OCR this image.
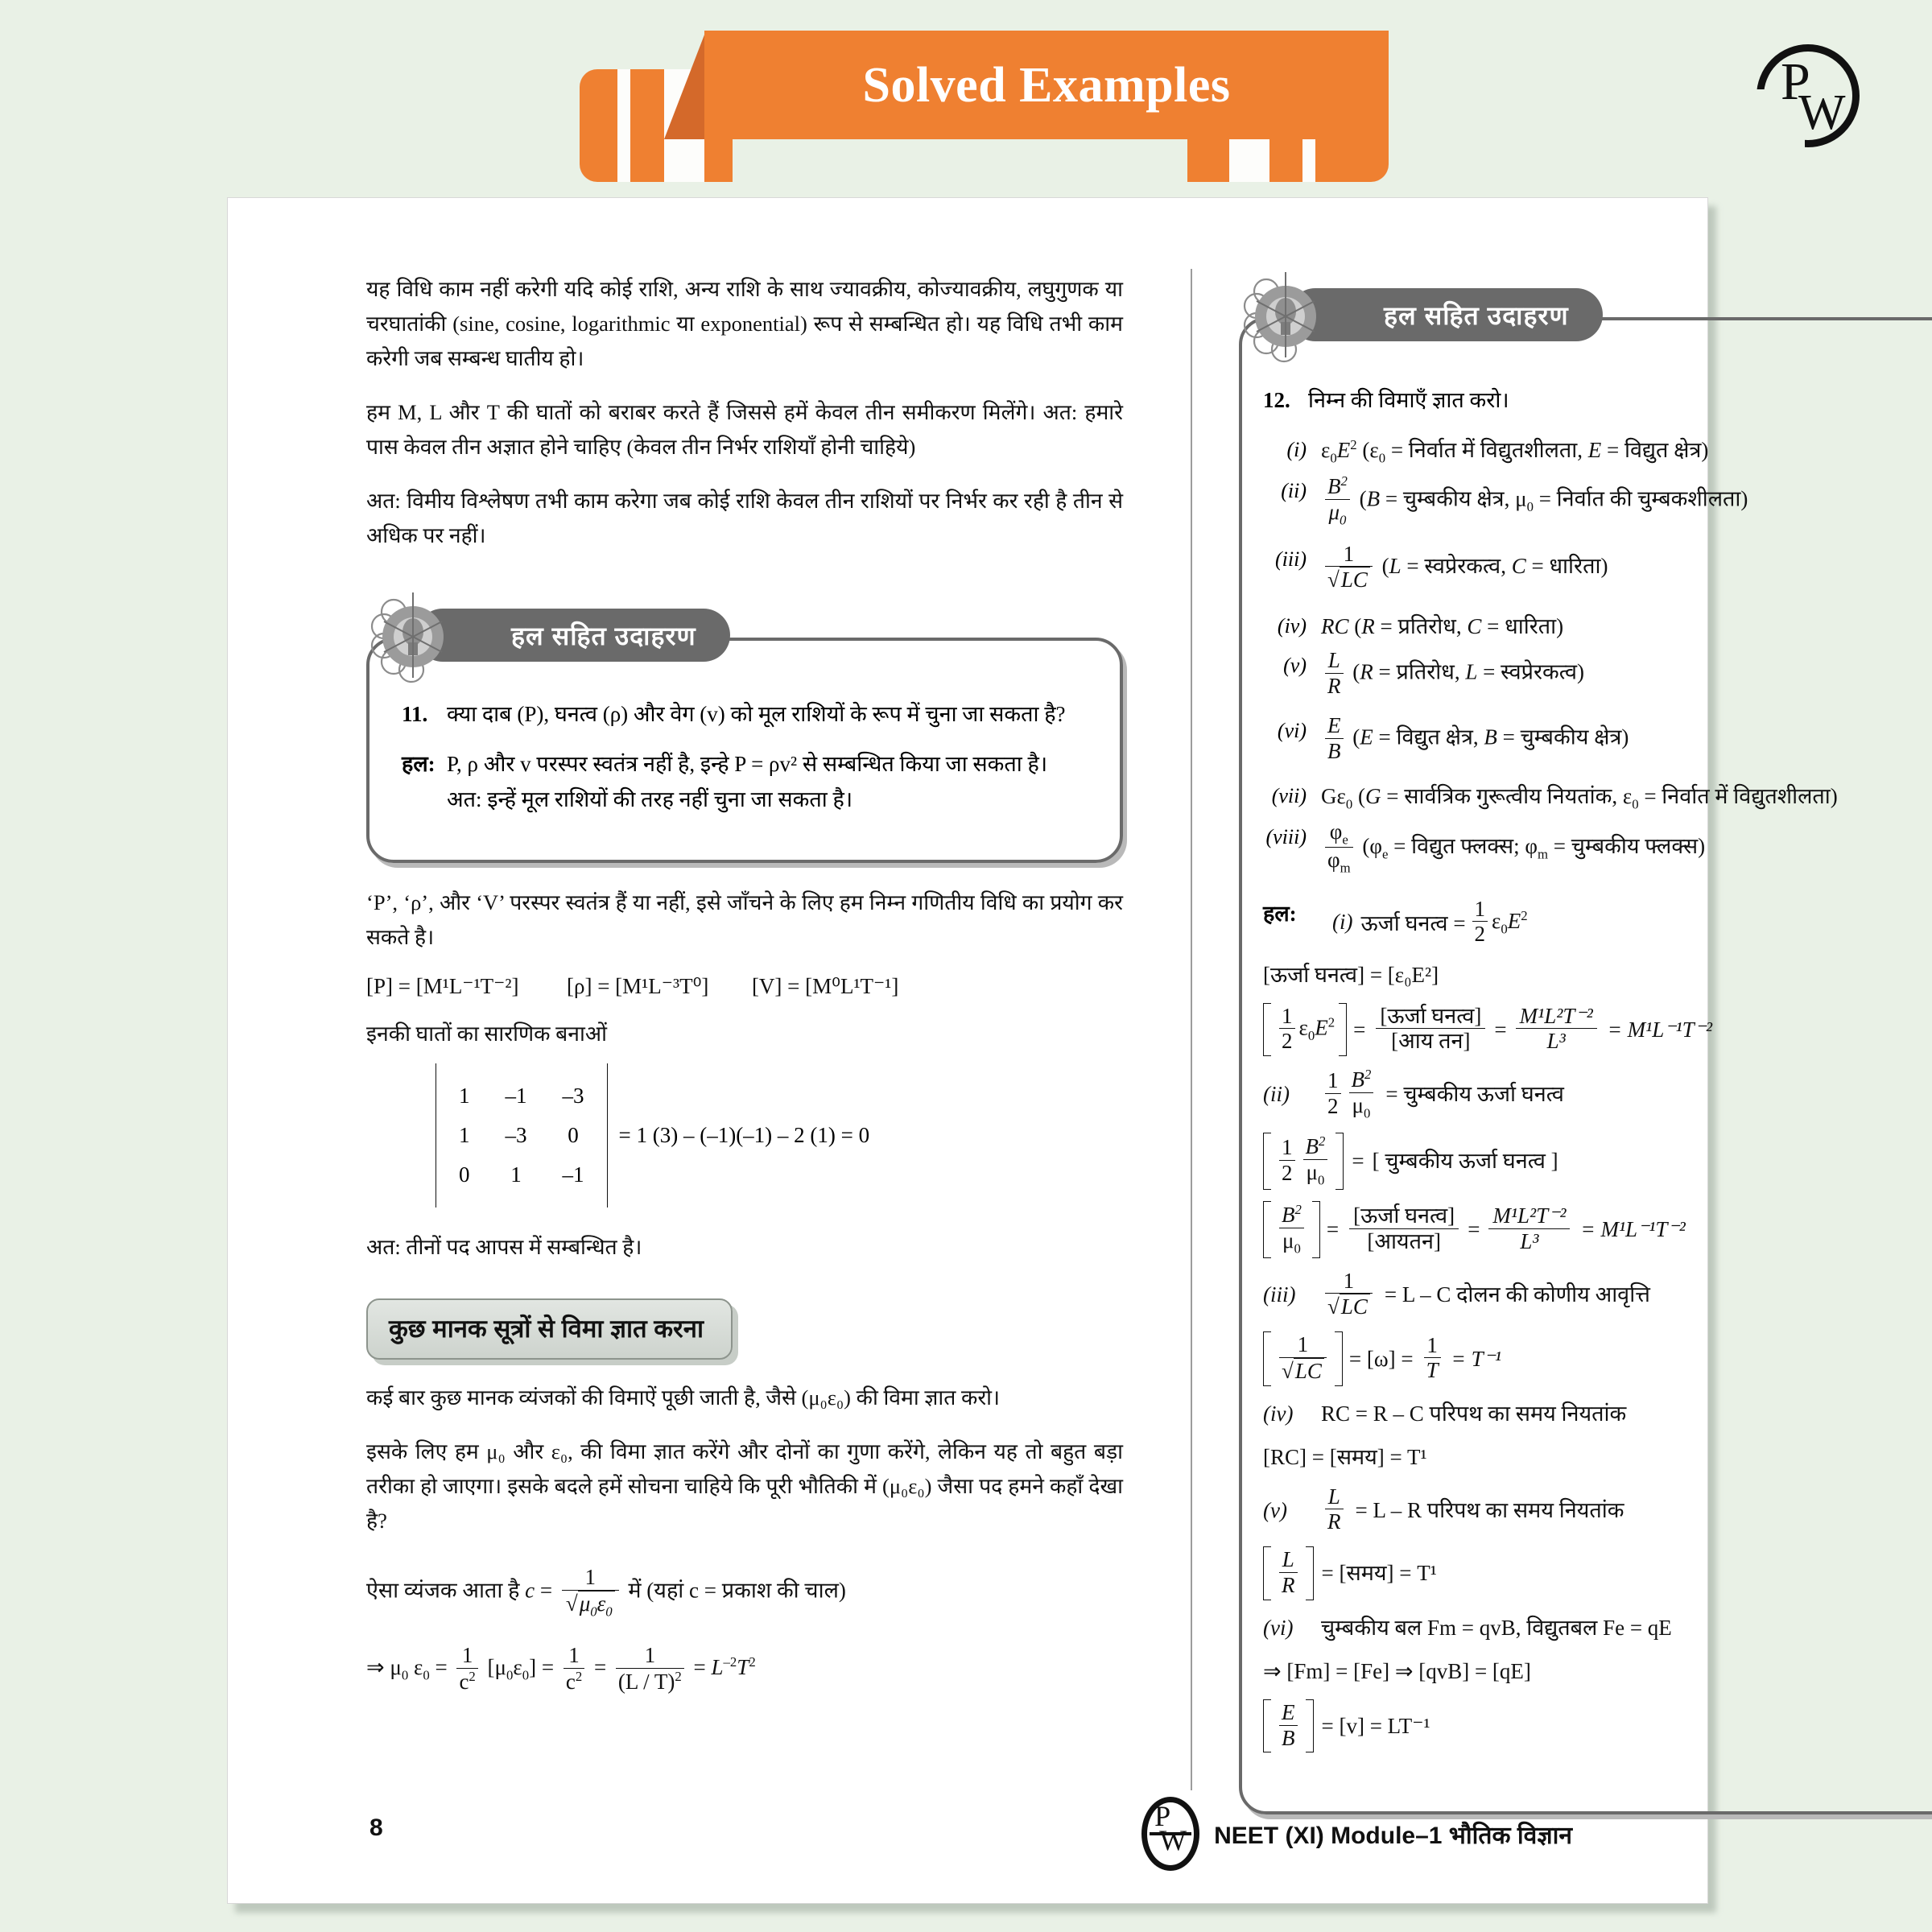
Solved Examples	P
W
यह विधि काम नहीं करेगी यदि कोई राशि, अन्य राशि के साथ ज्यावक्रीय, कोज्यावक्रीय, लघुगुणक या चरघातांकी (sine, cosine, logarithmic या exponential) रूप से सम्बन्धित हो। यह विधि तभी काम करेगी जब सम्बन्ध घातीय हो।
हम M, L और T की घातों को बराबर करते हैं जिससे हमें केवल तीन समीकरण मिलेंगे। अत: हमारे पास केवल तीन अज्ञात होने चाहिए (केवल तीन निर्भर राशियाँ होनी चाहिये)
अत: विमीय विश्लेषण तभी काम करेगा जब कोई राशि केवल तीन राशियों पर निर्भर कर रही है तीन से अधिक पर नहीं।
हल सहित उदाहरण
11. क्या दाब (P), घनत्व (ρ) और वेग (v) को मूल राशियों के रूप में चुना जा सकता है?
हल: P, ρ और v परस्पर स्वतंत्र नहीं है, इन्हे P = ρv² से सम्बन्धित किया जा सकता है। अत: इन्हें मूल राशियों की तरह नहीं चुना जा सकता है।
‘P’, ‘ρ’, और ‘V’ परस्पर स्वतंत्र हैं या नहीं, इसे जाँचने के लिए हम निम्न गणितीय विधि का प्रयोग कर सकते है।
[P] = [M¹L⁻¹T⁻²] [ρ] = [M¹L⁻³T⁰] [V] = [M⁰L¹T⁻¹]
इनकी घातों का सारणिक बनाओं
1	–1	–3
1	–3	0
0	1	–1
= 1 (3) – (–1)(–1) – 2 (1) = 0
अत: तीनों पद आपस में सम्बन्धित है।
कुछ मानक सूत्रों से विमा ज्ञात करना
कई बार कुछ मानक व्यंजकों की विमाऐं पूछी जाती है, जैसे (μ₀ε₀) की विमा ज्ञात करो।
इसके लिए हम μ₀ और ε₀, की विमा ज्ञात करेंगे और दोनों का गुणा करेंगे, लेकिन यह तो बहुत बड़ा तरीका हो जाएगा। इसके बदले हमें सोचना चाहिये कि पूरी भौतिकी में (μ₀ε₀) जैसा पद हमने कहाँ देखा है?
ऐसा व्यंजक आता है $c = \frac{1}{√\mu_0\varepsilon_0}$ में (यहां c = प्रकाश की चाल)
⇒ $\mu_0$ $\varepsilon_0 = \frac{1}{c^2} [\mu_0\varepsilon_0] = \frac{1}{c^2} = \frac{1}{(L / T)^2} = L^{-2}T^2$
हल सहित उदाहरण
12. निम्न की विमाएँ ज्ञात करो।
(i) $\varepsilon_0E^2$ ($\varepsilon_0$ = निर्वात में विद्युतशीलता, E = विद्युत क्षेत्र)
$(ii) \frac{B^2}{\mu_0} (B$ = चुम्बकीय क्षेत्र, $\mu_0$ = निर्वात की चुम्बकशीलता)
$(iii) \frac{1}{√LC} (L$ = स्वप्रेरकत्व, C = धारिता)
(iv) RC (R = प्रतिरोध, C = धारिता)
$(v) \frac{L}{R} (R$ = प्रतिरोध, L = स्वप्रेरकत्व)
$(vi) \frac{E}{B} (E$ = विद्युत क्षेत्र, B = चुम्बकीय क्षेत्र)
(vii) $G\varepsilon_0$ (G = सार्वत्रिक गुरूत्वीय नियतांक, $\varepsilon_0$ = निर्वात में विद्युतशीलता)
(viii) $\frac{\varphi_e}{\varphi_m} (\varphi_e$ = विद्युत फ्लक्स; $\varphi_m$ = चुम्बकीय फ्लक्स)
हल:	(i) ऊर्जा घनत्व = $\frac{1}{2} \varepsilon_0E^2$
[ऊर्जा घनत्व] = [ε₀E²]
$\frac{1}{2} \varepsilon_0E^2 = \frac{\text{[ऊर्जा घनत्व]}}{\text{[आय तन]}} = \frac{\text{M¹L²T⁻²}}{\text{L³}} = M^1L^{-1}T^{-2}$
(ii)	$\frac{1}{2} \frac{B^2}{\mu_0}$ = चुम्बकीय ऊर्जा घनत्व
$\frac{1}{2} \frac{B^2}{\mu_0}$ = [ चुम्बकीय ऊर्जा घनत्व ]
$\frac{B^2}{\mu_0} = \frac{\text{[ऊर्जा घनत्व]}}{\text{[आयतन]}} = \frac{\text{M¹L²T⁻²}}{\text{L³}} = M^1L^{-1}T^{-2}$
(iii)	$\frac{1}{√LC} = L - C$ दोलन की कोणीय आवृत्ति
$\frac{1}{√LC} = [\omega] = \frac{1}{T} = T^{-1}$
(iv)	RC = R – C परिपथ का समय नियतांक
[RC] = [समय] = T¹
(v)	$\frac{L}{R} = L - R$ परिपथ का समय नियतांक
$\frac{L}{R}$ = [समय] = T¹
(vi)	चुम्बकीय बल Fm = qvB, विद्युतबल Fe = qE
⇒ [Fm] = [Fe] ⇒ [qvB] = [qE]
$\frac{E}{B} = [v] = LT^{-1}$
8	P
W NEET (XI) Module–1 भौतिक विज्ञान
